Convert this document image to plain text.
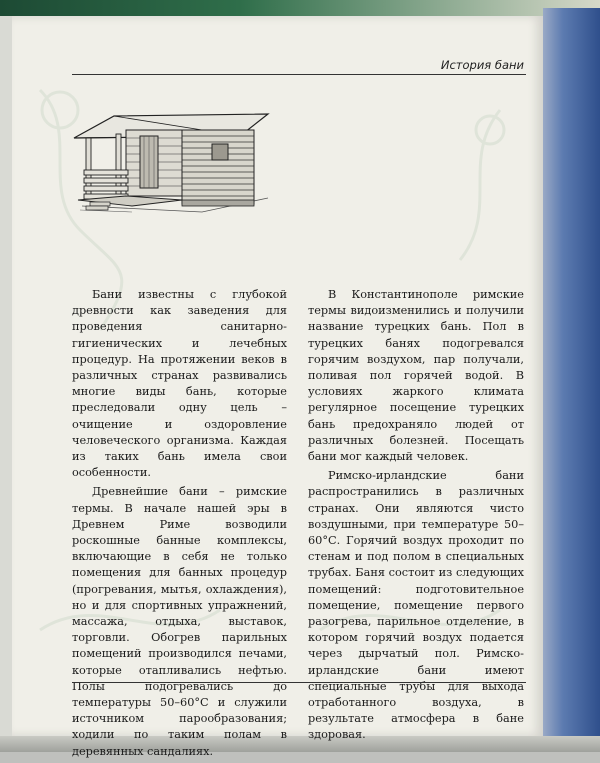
История бани

Бани известны с глубокой древности как заведения для проведения санитарно-гигиенических и лечебных процедур. На протяжении веков в различных странах развивались многие виды бань, которые преследовали одну цель – очищение и оздоровление человеческого организма. Каждая из таких бань имела свои особенности.

Древнейшие бани – римские термы. В начале нашей эры в Древнем Риме возводили роскошные банные комплексы, включающие в себя не только помещения для банных процедур (прогревания, мытья, охлаждения), но и для спортивных упражнений, массажа, отдыха, выставок, торговли. Обогрев парильных помещений производился печами, которые отапливались нефтью. Полы подогревались до температуры 50–60°С и служили источником парообразования; ходили по таким полам в деревянных сандалиях.

В Константинополе римские термы видоизменились и получили название турецких бань. Пол в турецких банях подогревался горячим воздухом, пар получали, поливая пол горячей водой. В условиях жаркого климата регулярное посещение турецких бань предохраняло людей от различных болезней. Посещать бани мог каждый человек.

Римско-ирландские бани распространились в различных странах. Они являются чисто воздушными, при температуре 50–60°С. Горячий воздух проходит по стенам и под полом в специальных трубах. Баня состоит из следующих помещений: подготовительное помещение, помещение первого разогрева, парильное отделение, в котором горячий воздух подается через дырчатый пол. Римско-ирландские бани имеют специальные трубы для выхода отработанного воздуха, в результате атмосфера в бане здоровая.
